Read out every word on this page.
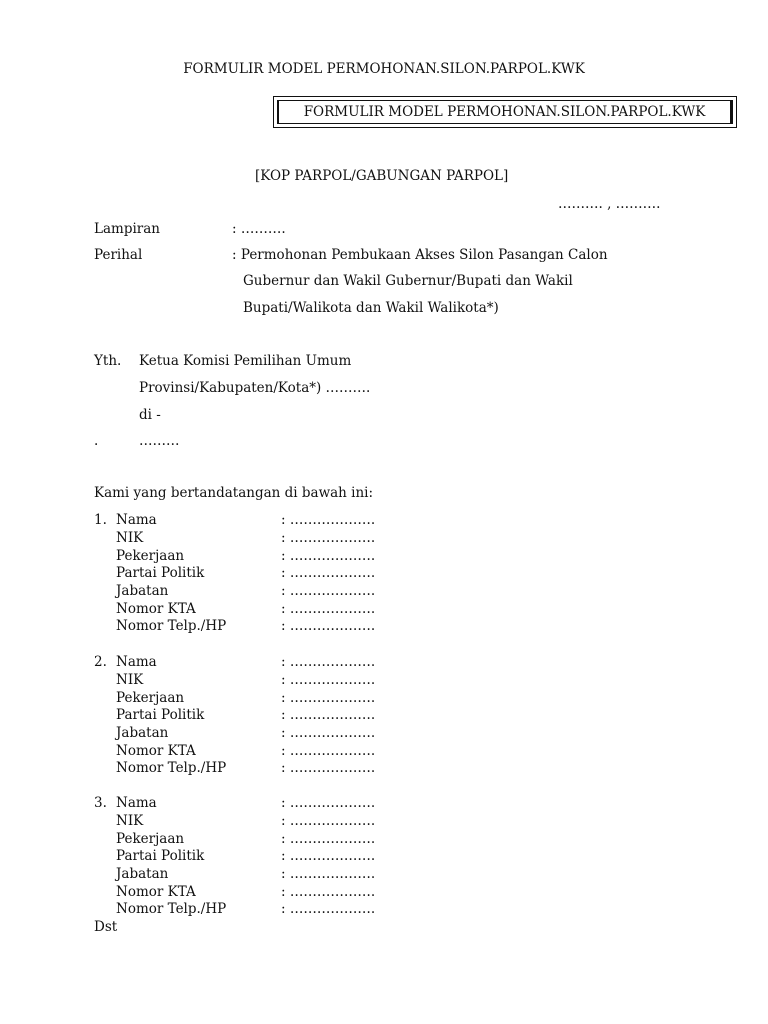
FORMULIR MODEL PERMOHONAN.SILON.PARPOL.KWK
FORMULIR MODEL PERMOHONAN.SILON.PARPOL.KWK
[KOP PARPOL/GABUNGAN PARPOL]
………. , ……….
Lampiran	: ……….
Perihal	: Permohonan Pembukaan Akses Silon Pasangan Calon
Gubernur dan Wakil Gubernur/Bupati dan Wakil
Bupati/Walikota dan Wakil Walikota*)
Yth. Ketua Komisi Pemilihan Umum
Provinsi/Kabupaten/Kota*) ……….
di -
.	………
Kami yang bertandatangan di bawah ini:
1. Nama	: ……………….
NIK	: ……………….
Pekerjaan	: ……………….
Partai Politik	: ……………….
Jabatan	: ……………….
Nomor KTA	: ……………….
Nomor Telp./HP	: ……………….
2. Nama	: ……………….
NIK	: ……………….
Pekerjaan	: ……………….
Partai Politik	: ……………….
Jabatan	: ……………….
Nomor KTA	: ……………….
Nomor Telp./HP	: ……………….
3. Nama	: ……………….
NIK	: ……………….
Pekerjaan	: ……………….
Partai Politik	: ……………….
Jabatan	: ……………….
Nomor KTA	: ……………….
Nomor Telp./HP	: ……………….
Dst
